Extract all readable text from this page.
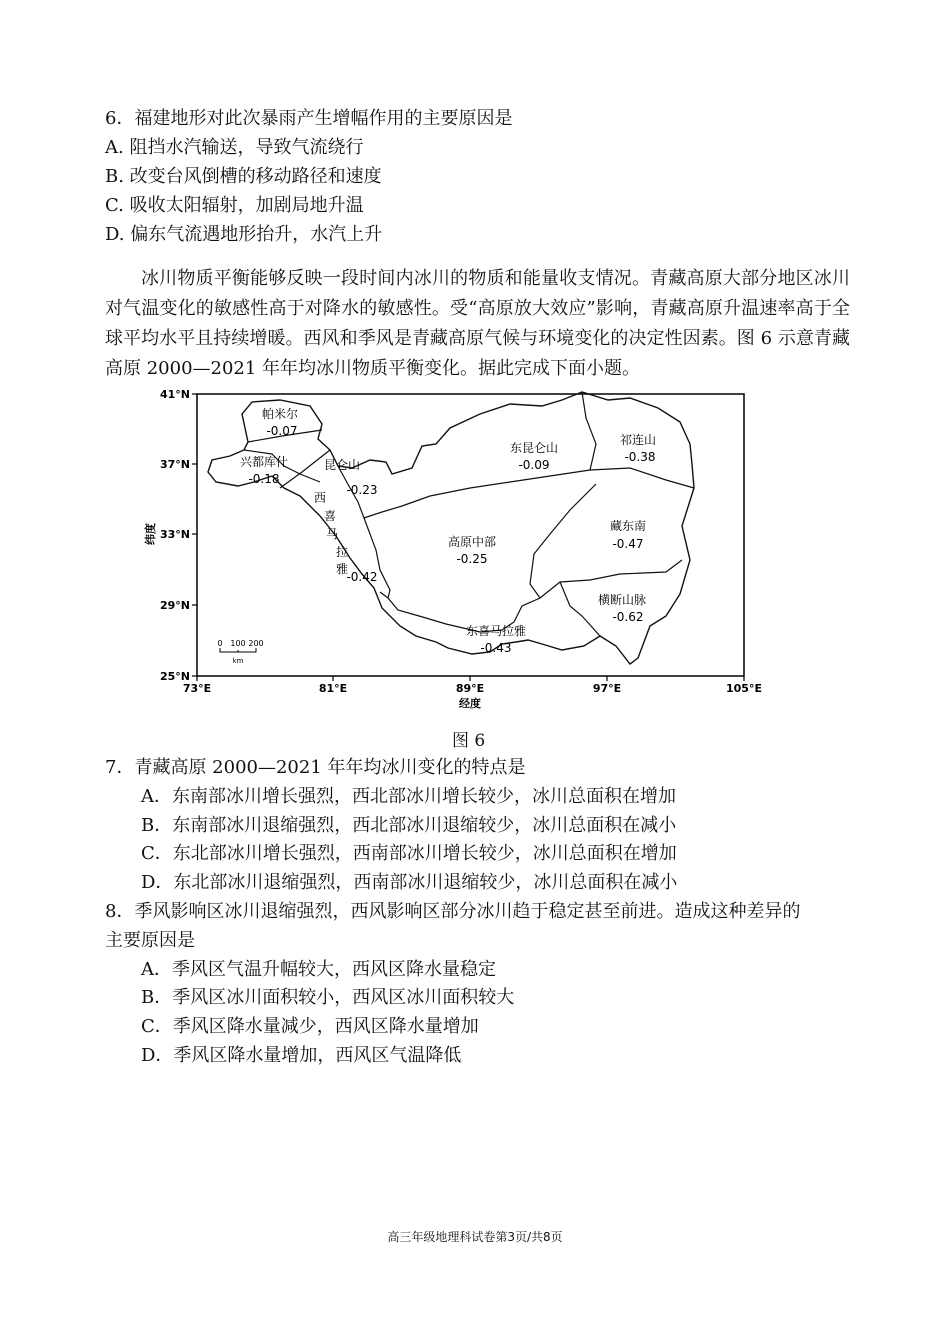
6．福建地形对此次暴雨产生增幅作用的主要原因是
A. 阻挡水汽输送，导致气流绕行
B. 改变台风倒槽的移动路径和速度
C. 吸收太阳辐射，加剧局地升温
D. 偏东气流遇地形抬升，水汽上升
冰川物质平衡能够反映一段时间内冰川的物质和能量收支情况。青藏高原大部分地区冰川对气温变化的敏感性高于对降水的敏感性。受“高原放大效应”影响，青藏高原升温速率高于全球平均水平且持续增暖。西风和季风是青藏高原气候与环境变化的决定性因素。图 6 示意青藏高原 2000—2021 年年均冰川物质平衡变化。据此完成下面小题。
41°N
37°N
33°N
29°N
25°N
73°E	81°E	89°E	97°E	105°E
经度
纬度
帕米尔
-0.07
兴都库什
-0.18
昆仑山
-0.23
西
喜
马
拉
雅
-0.42
东昆仑山
-0.09
祁连山
-0.38
高原中部
-0.25
藏东南
-0.47
横断山脉
-0.62
东喜马拉雅
-0.43
0 100 200
km
图 6
7．青藏高原 2000—2021 年年均冰川变化的特点是
A．东南部冰川增长强烈，西北部冰川增长较少，冰川总面积在增加
B．东南部冰川退缩强烈，西北部冰川退缩较少，冰川总面积在减小
C．东北部冰川增长强烈，西南部冰川增长较少，冰川总面积在增加
D．东北部冰川退缩强烈，西南部冰川退缩较少，冰川总面积在减小
8．季风影响区冰川退缩强烈，西风影响区部分冰川趋于稳定甚至前进。造成这种差异的
主要原因是
A．季风区气温升幅较大，西风区降水量稳定
B．季风区冰川面积较小，西风区冰川面积较大
C．季风区降水量减少，西风区降水量增加
D．季风区降水量增加，西风区气温降低
高三年级地理科试卷第3页/共8页
